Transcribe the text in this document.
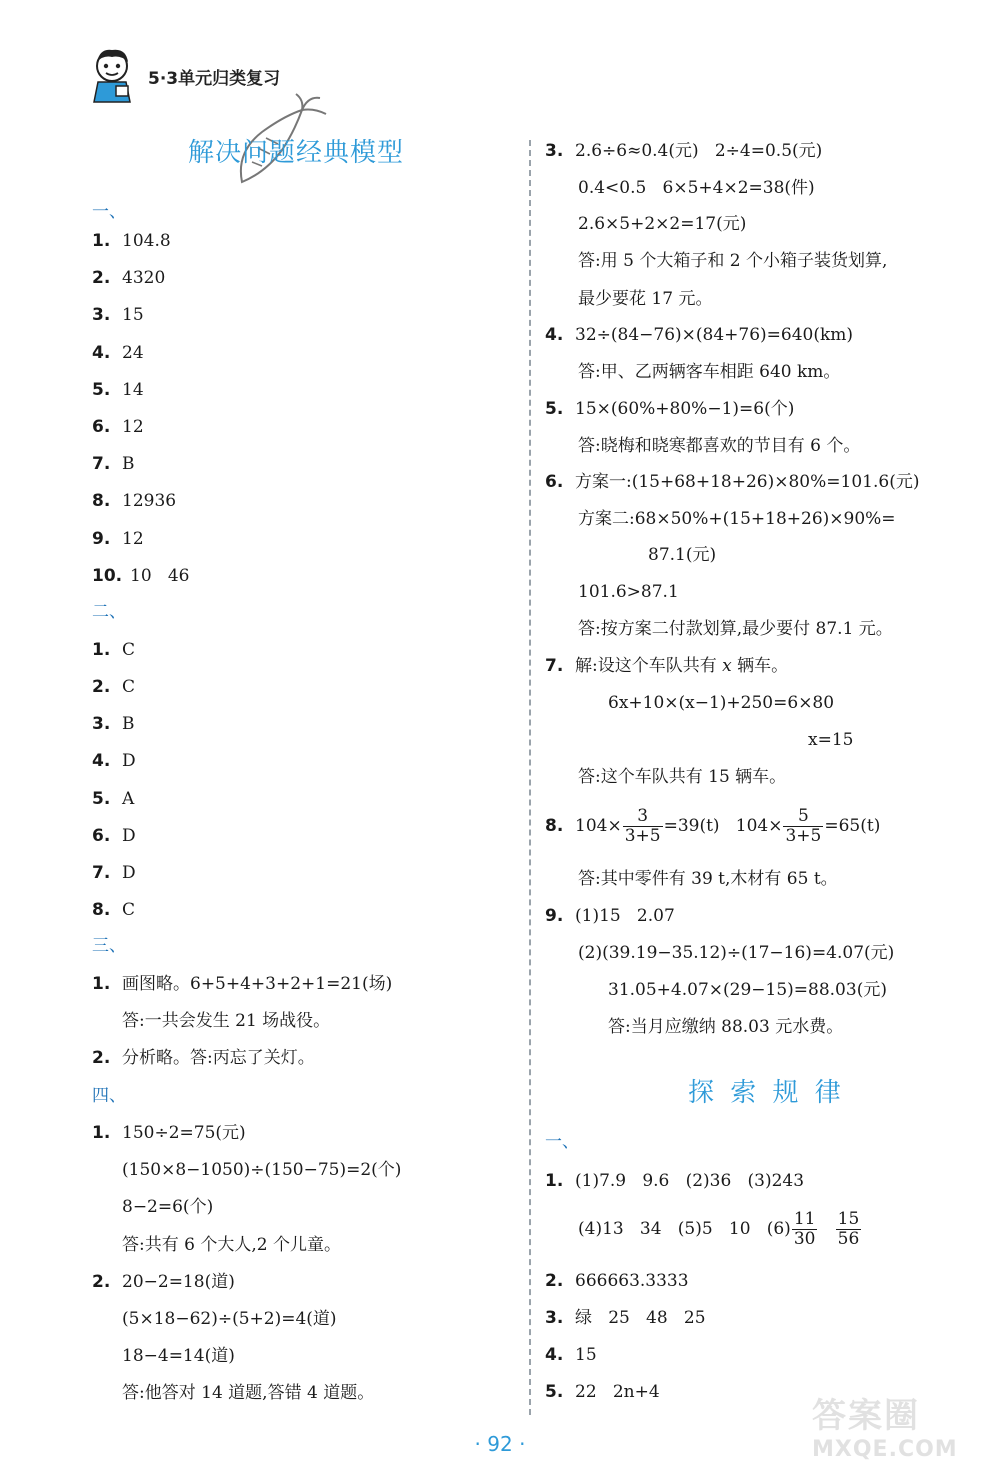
5·3单元归类复习
解决问题经典模型
一、
1. 104.8
2. 4320
3. 15
4. 24
5. 14
6. 12
7. B
8. 12936
9. 12
10. 10   46
二、
1. C
2. C
3. B
4. D
5. A
6. D
7. D
8. C
三、
1. 画图略。6+5+4+3+2+1=21(场)
答:一共会发生 21 场战役。
2. 分析略。答:丙忘了关灯。
四、
1. 150÷2=75(元)
(150×8−1050)÷(150−75)=2(个)
8−2=6(个)
答:共有 6 个大人,2 个儿童。
2. 20−2=18(道)
(5×18−62)÷(5+2)=4(道)
18−4=14(道)
答:他答对 14 道题,答错 4 道题。
3. 2.6÷6≈0.4(元)   2÷4=0.5(元)
0.4<0.5   6×5+4×2=38(件)
2.6×5+2×2=17(元)
答:用 5 个大箱子和 2 个小箱子装货划算,
最少要花 17 元。
4. 32÷(84−76)×(84+76)=640(km)
答:甲、乙两辆客车相距 640 km。
5. 15×(60%+80%−1)=6(个)
答:晓梅和晓寒都喜欢的节目有 6 个。
6. 方案一:(15+68+18+26)×80%=101.6(元)
方案二:68×50%+(15+18+26)×90%=
87.1(元)
101.6>87.1
答:按方案二付款划算,最少要付 87.1 元。
7. 解:设这个车队共有 x 辆车。
6x+10×(x−1)+250=6×80
x=15
答:这个车队共有 15 辆车。
8. $104\times \frac{3}{3+5} =39(t)$   $104\times \frac{5}{3+5} =65(t)$
答:其中零件有 39 t,木材有 65 t。
9. (1)15   2.07
(2)(39.19−35.12)÷(17−16)=4.07(元)
31.05+4.07×(29−15)=88.03(元)
答:当月应缴纳 88.03 元水费。
探 索 规 律
一、
1. (1)7.9   9.6   (2)36   (3)243
(4)13   34   (5)5   10   $(6) \frac{11}{30}$
$\frac{15}{56}$
2. 666663.3333
3. 绿   25   48   25
4. 15
5. 22   2n+4
· 92 ·
答案圈
MXQE.COM
